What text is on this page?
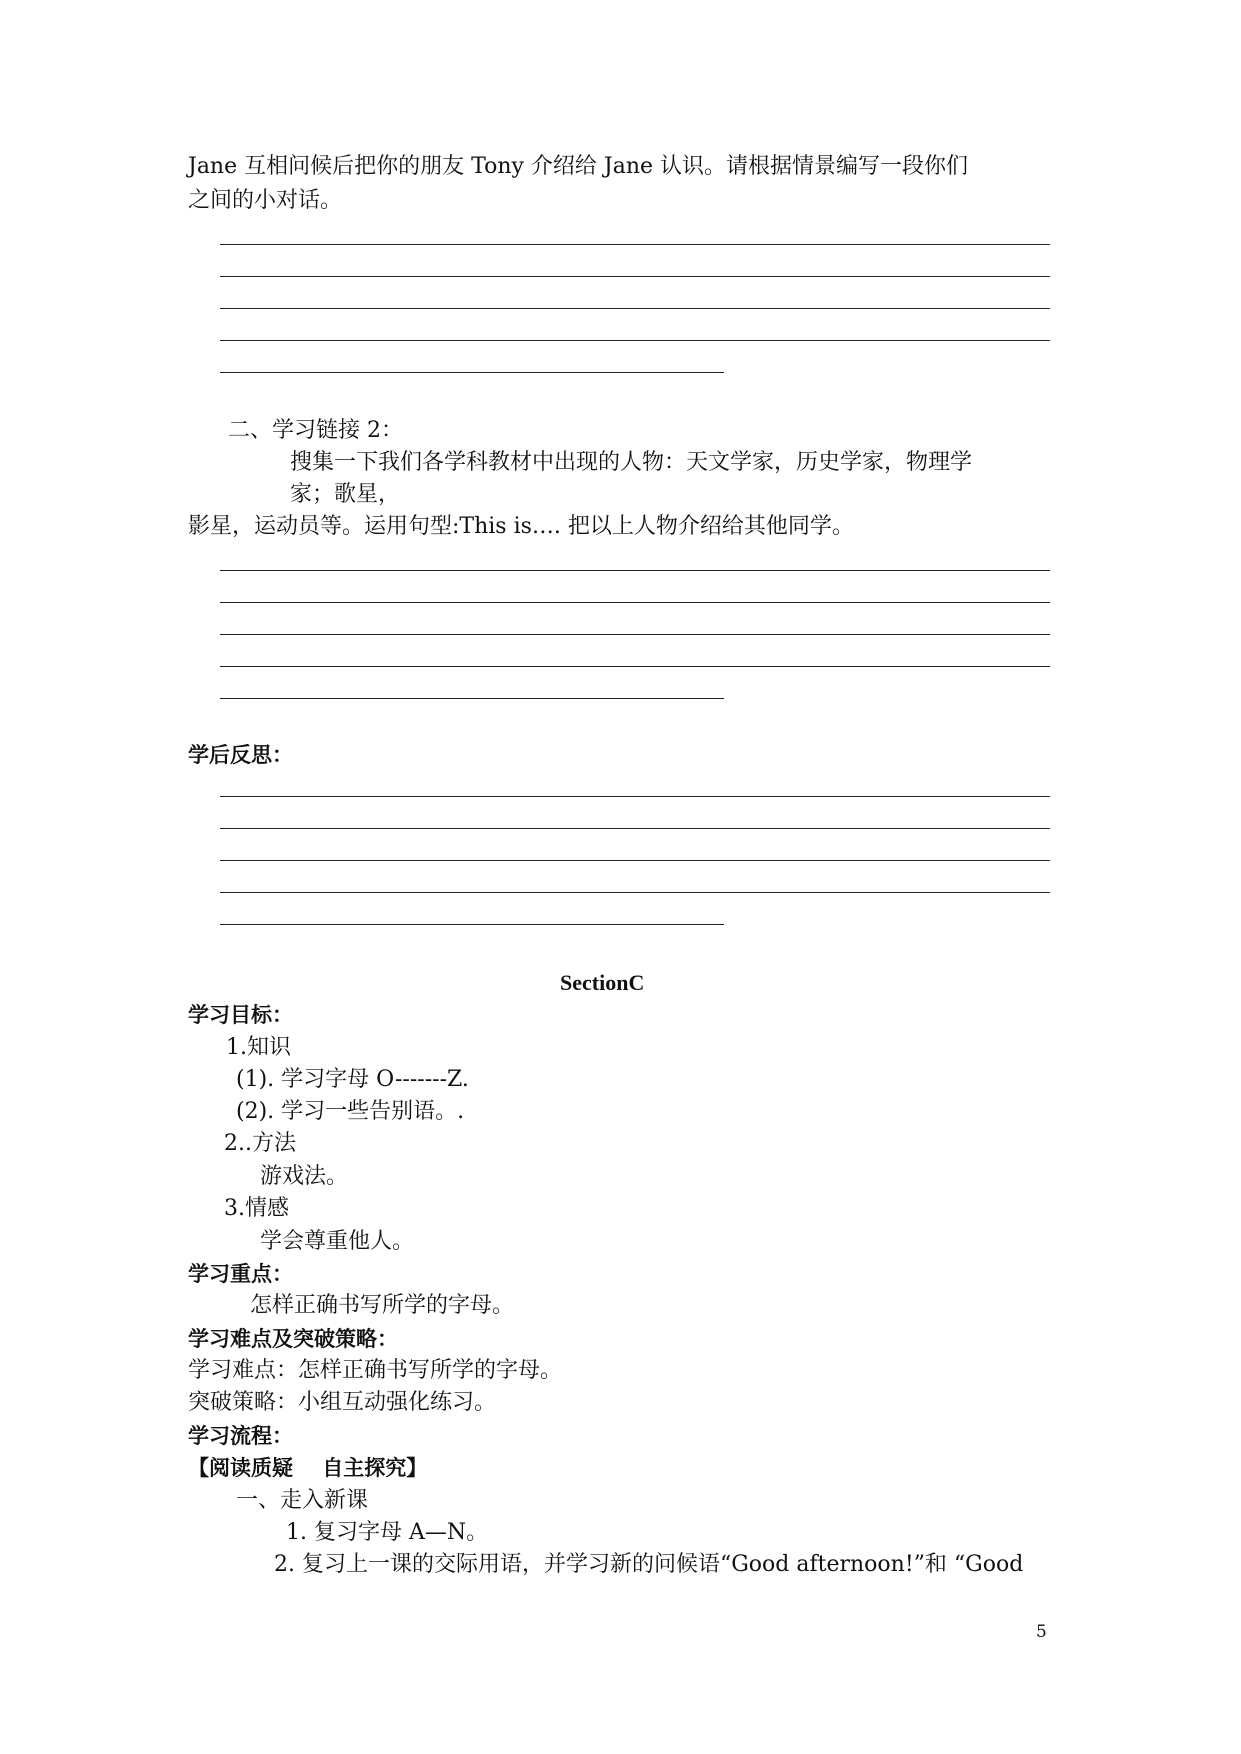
Jane 互相问候后把你的朋友 Tony 介绍给 Jane 认识。请根据情景编写一段你们
之间的小对话。
二、学习链接 2：
搜集一下我们各学科教材中出现的人物：天文学家，历史学家，物理学
家；歌星，
影星，运动员等。运用句型:This is…. 把以上人物介绍给其他同学。
学后反思：
SectionC
学习目标：
1.知识
(1). 学习字母 O-------Z.
(2). 学习一些告别语。.
2..方法
游戏法。
3.情感
学会尊重他人。
学习重点：
怎样正确书写所学的字母。
学习难点及突破策略：
学习难点：怎样正确书写所学的字母。
突破策略：小组互动强化练习。
学习流程：
【阅读质疑    自主探究】
一、走入新课
1. 复习字母 A—N。
2. 复习上一课的交际用语，并学习新的问候语“Good afternoon!”和 “Good
5
